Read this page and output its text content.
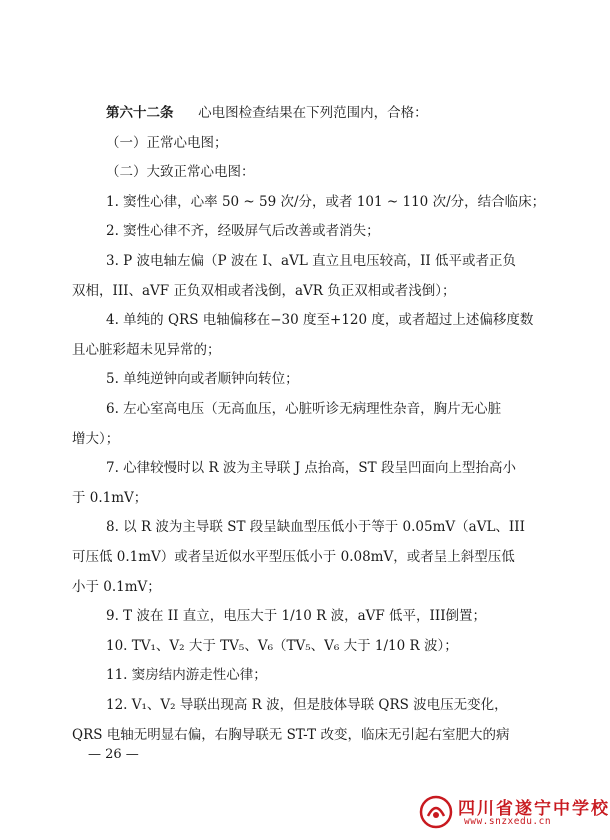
第六十二条 心电图检查结果在下列范围内，合格：
（一）正常心电图；
（二）大致正常心电图：
1. 窦性心律，心率 50 ~ 59 次/分，或者 101 ~ 110 次/分，结合临床；
2. 窦性心律不齐，经吸屏气后改善或者消失；
3. P 波电轴左偏（P 波在 I、aVL 直立且电压较高，II 低平或者正负
双相，III、aVF 正负双相或者浅倒，aVR 负正双相或者浅倒）；
4. 单纯的 QRS 电轴偏移在−30 度至+120 度，或者超过上述偏移度数
且心脏彩超未见异常的；
5. 单纯逆钟向或者顺钟向转位；
6. 左心室高电压（无高血压，心脏听诊无病理性杂音，胸片无心脏
增大）；
7. 心律较慢时以 R 波为主导联 J 点抬高，ST 段呈凹面向上型抬高小
于 0.1mV；
8. 以 R 波为主导联 ST 段呈缺血型压低小于等于 0.05mV（aVL、III
可压低 0.1mV）或者呈近似水平型压低小于 0.08mV，或者呈上斜型压低
小于 0.1mV；
9. T 波在 II 直立，电压大于 1/10 R 波，aVF 低平，III倒置；
10. TV₁、V₂ 大于 TV₅、V₆（TV₅、V₆ 大于 1/10 R 波）；
11. 窦房结内游走性心律；
— 26 —
四川省遂宁中学校
www.snzxedu.cn
12. V₁、V₂ 导联出现高 R 波，但是肢体导联 QRS 波电压无变化，
QRS 电轴无明显右偏，右胸导联无 ST-T 改变，临床无引起右室肥大的病
